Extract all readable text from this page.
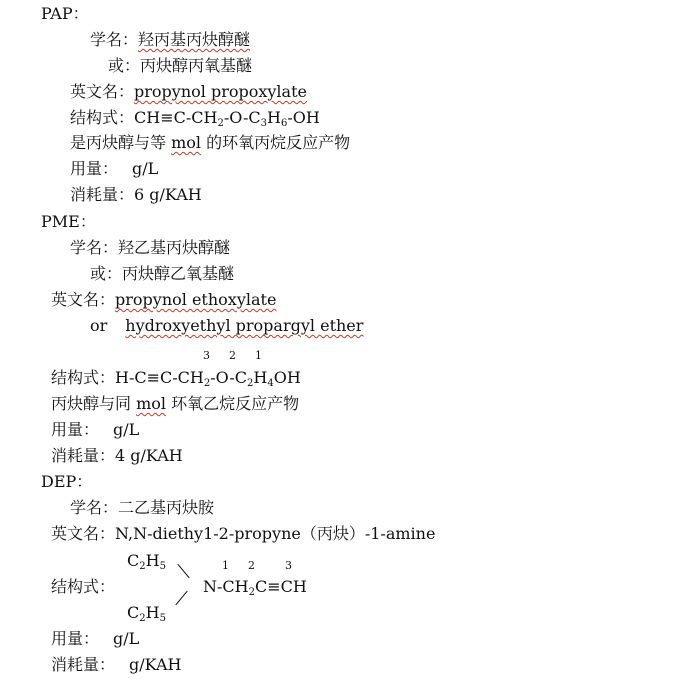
PAP：
学名：羟丙基丙炔醇醚
或：丙炔醇丙氧基醚
英文名：propynol propoxylate
结构式：$CH\equiv C-CH_2-O-C_3H_6-OH$
是丙炔醇与等 mol 的环氧丙烷反应产物
用量： g/L
消耗量：6 g/KAH
PME：
学名：羟乙基丙炔醇醚
或：丙炔醇乙氧基醚
英文名：propynol ethoxylate
or hydroxyethyl propargyl ether
3 2 1
结构式：$H-C\equiv C-CH_2-O-C_2H_4OH$
丙炔醇与同 mol 环氧乙烷反应产物
用量： g/L
消耗量：4 g/KAH
DEP：
学名：二乙基丙炔胺
英文名：N,N-diethy1-2-propyne（丙炔）-1-amine
$C_2H_5$	1 2	3
结构式：	$N-CH_2C\equiv CH$
$C_2H_5$
用量： g/L
消耗量： g/KAH
